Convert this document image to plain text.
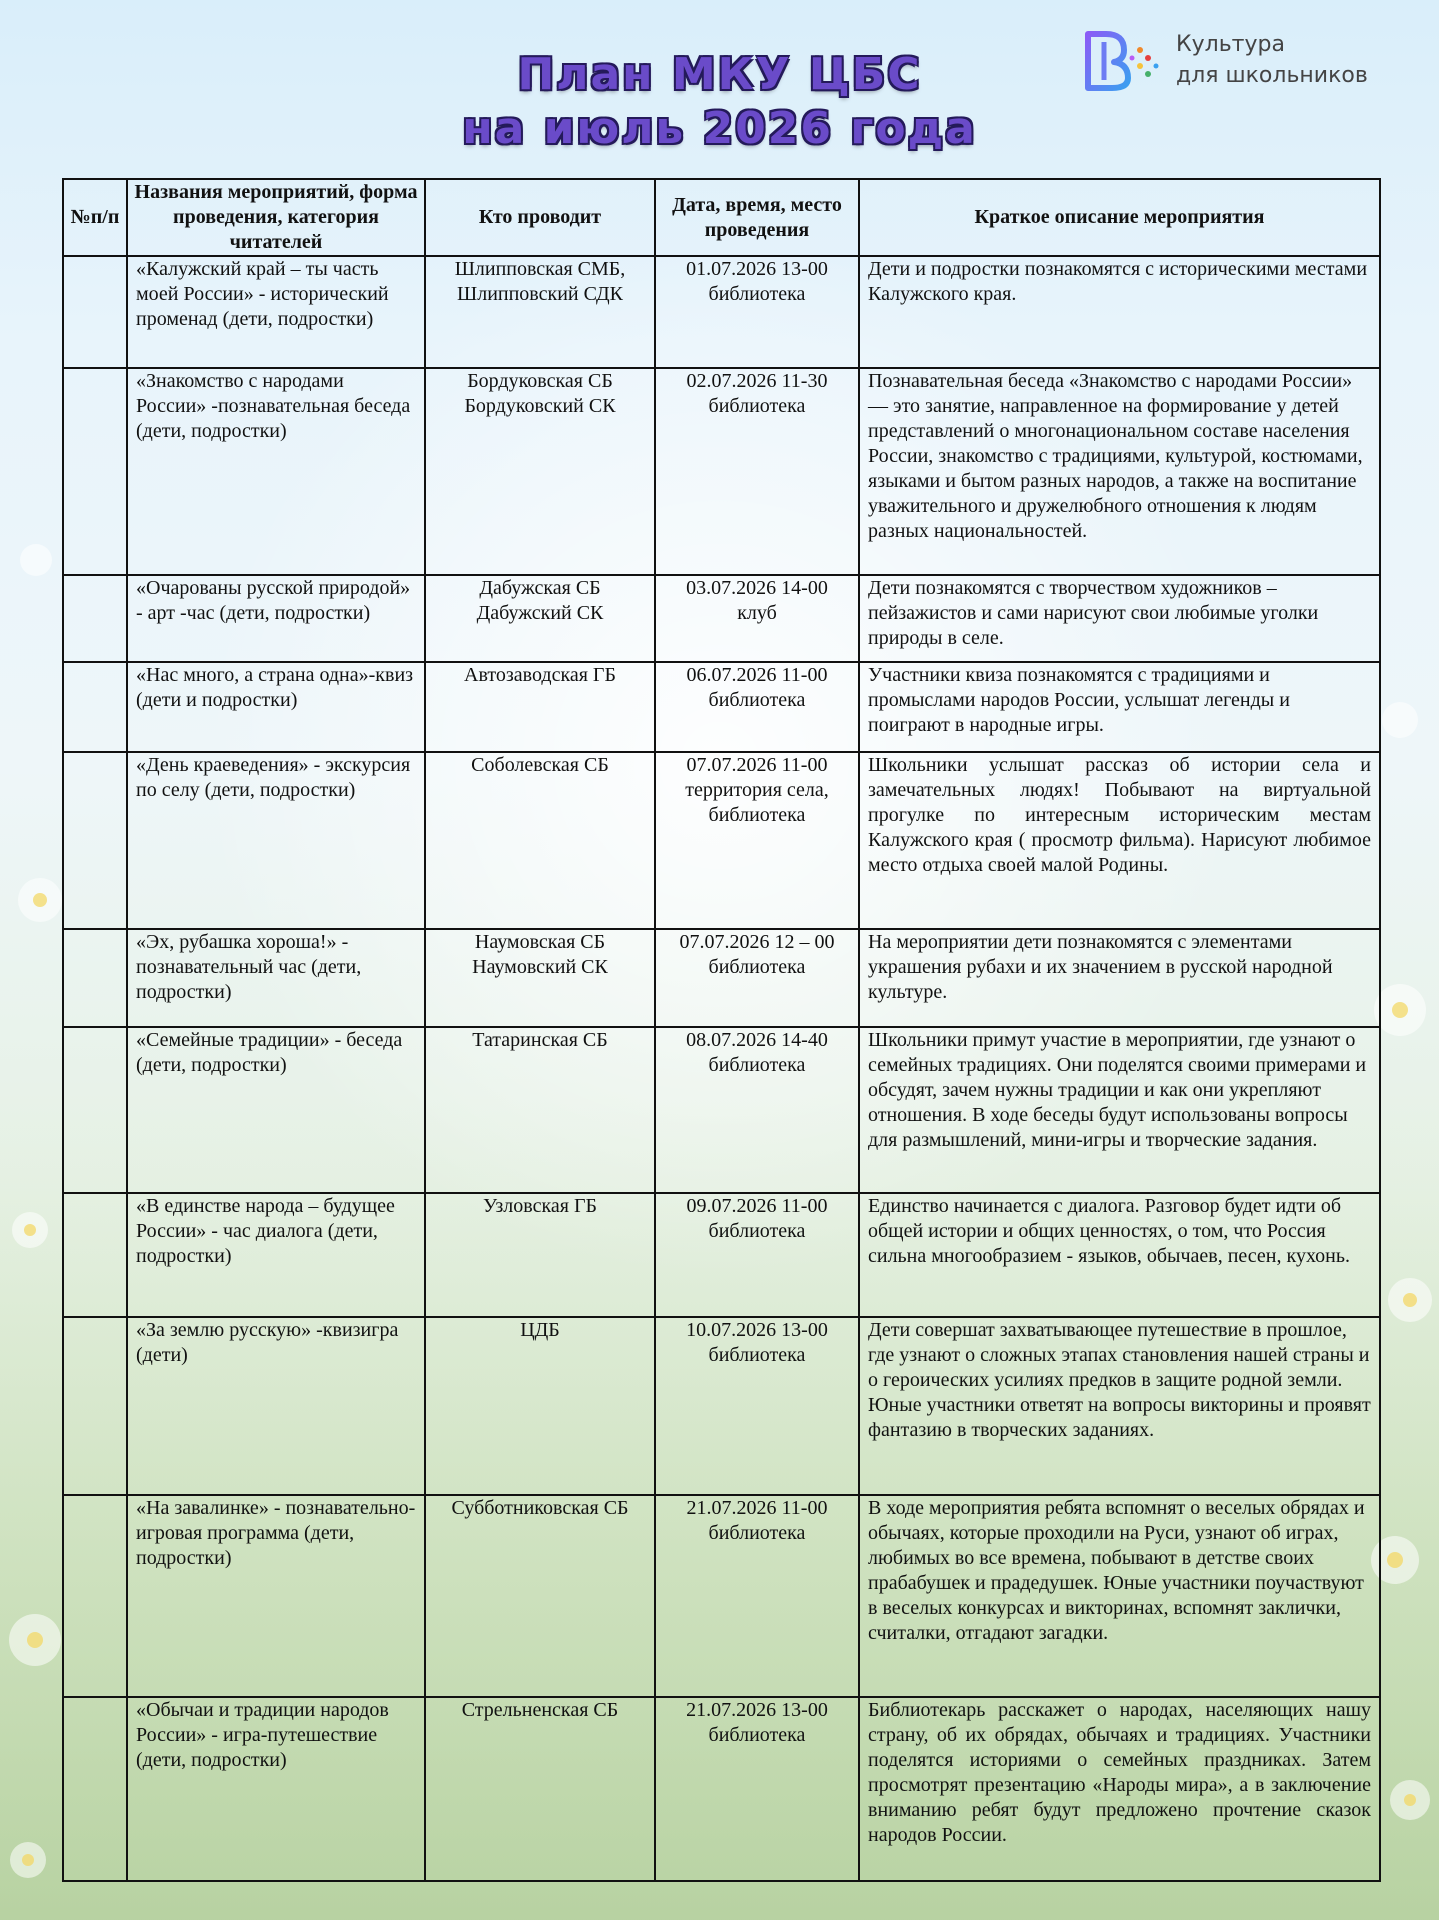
Культура
для школьников
План МКУ ЦБС
на июль 2026 года
№п/п	Названия мероприятий, форма проведения, категория читателей	Кто проводит	Дата, время, место проведения	Краткое описание мероприятия
	«Калужский край – ты часть моей России» - исторический променад (дети, подростки)	Шлипповская СМБ, Шлипповский СДК	01.07.2026 13-00 библиотека	Дети и подростки познакомятся с историческими местами Калужского края.
	«Знакомство с народами России» -познавательная беседа (дети, подростки)	Бордуковская СБ Бордуковский СК	02.07.2026 11-30 библиотека	Познавательная беседа «Знакомство с народами России» — это занятие, направленное на формирование у детей представлений о многонациональном составе населения России, знакомство с традициями, культурой, костюмами, языками и бытом разных народов, а также на воспитание уважительного и дружелюбного отношения к людям разных национальностей.
	«Очарованы русской природой» - арт -час (дети, подростки)	Дабужская СБ Дабужский СК	03.07.2026 14-00 клуб	Дети познакомятся с творчеством художников – пейзажистов и сами нарисуют свои любимые уголки природы в селе.
	«Нас много, а страна одна»-квиз (дети и подростки)	Автозаводская ГБ	06.07.2026 11-00 библиотека	Участники квиза познакомятся с традициями и промыслами народов России, услышат легенды и поиграют в народные игры.
	«День краеведения» - экскурсия по селу (дети, подростки)	Соболевская СБ	07.07.2026 11-00 территория села, библиотека	Школьники услышат рассказ об истории села и замечательных людях! Побывают на виртуальной прогулке по интересным историческим местам Калужского края ( просмотр фильма). Нарисуют любимое место отдыха своей малой Родины.
	«Эх, рубашка хороша!» - познавательный час (дети, подростки)	Наумовская СБ Наумовский СК	07.07.2026 12 – 00 библиотека	На мероприятии дети познакомятся с элементами украшения рубахи и их значением в русской народной культуре.
	«Семейные традиции» - беседа (дети, подростки)	Татаринская СБ	08.07.2026 14-40 библиотека	Школьники примут участие в мероприятии, где узнают о семейных традициях. Они поделятся своими примерами и обсудят, зачем нужны традиции и как они укрепляют отношения. В ходе беседы будут использованы вопросы для размышлений, мини-игры и творческие задания.
	«В единстве народа – будущее России» - час диалога (дети, подростки)	Узловская ГБ	09.07.2026 11-00 библиотека	Единство начинается с диалога. Разговор будет идти об общей истории и общих ценностях, о том, что Россия сильна многообразием - языков, обычаев, песен, кухонь.
	«За землю русскую» -квизигра (дети)	ЦДБ	10.07.2026 13-00 библиотека	Дети совершат захватывающее путешествие в прошлое, где узнают о сложных этапах становления нашей страны и о героических усилиях предков в защите родной земли. Юные участники ответят на вопросы викторины и проявят фантазию в творческих заданиях.
	«На завалинке» - познавательно-игровая программа (дети, подростки)	Субботниковская СБ	21.07.2026 11-00 библиотека	В ходе мероприятия ребята вспомнят о веселых обрядах и обычаях, которые проходили на Руси, узнают об играх, любимых во все времена, побывают в детстве своих прабабушек и прадедушек. Юные участники поучаствуют в веселых конкурсах и викторинах, вспомнят заклички, считалки, отгадают загадки.
	«Обычаи и традиции народов России» - игра-путешествие (дети, подростки)	Стрельненская СБ	21.07.2026 13-00 библиотека	Библиотекарь расскажет о народах, населяющих нашу страну, об их обрядах, обычаях и традициях. Участники поделятся историями о семейных праздниках. Затем просмотрят презентацию «Народы мира», а в заключение вниманию ребят будут предложено прочтение сказок народов России.
